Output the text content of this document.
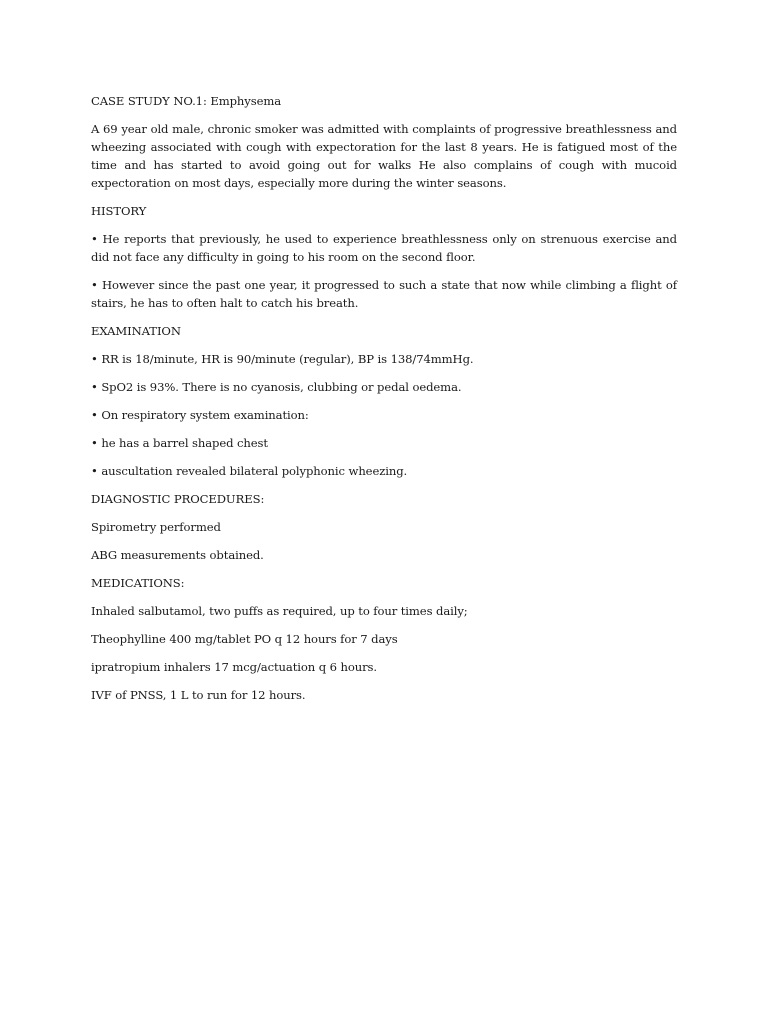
CASE STUDY NO.1: Emphysema

A 69 year old male, chronic smoker was admitted with complaints of progressive breathlessness and wheezing associated with cough with expectoration for the last 8 years. He is fatigued most of the time and has started to avoid going out for walks He also complains of cough with mucoid expectoration on most days, especially more during the winter seasons.

HISTORY

• He reports that previously, he used to experience breathlessness only on strenuous exercise and did not face any difficulty in going to his room on the second floor.

• However since the past one year, it progressed to such a state that now while climbing a flight of stairs, he has to often halt to catch his breath.

EXAMINATION

• RR is 18/minute, HR is 90/minute (regular), BP is 138/74mmHg.

• SpO2 is 93%. There is no cyanosis, clubbing or pedal oedema.

• On respiratory system examination:

• he has a barrel shaped chest

• auscultation revealed bilateral polyphonic wheezing.

DIAGNOSTIC PROCEDURES:

Spirometry performed

ABG measurements obtained.

MEDICATIONS:

Inhaled salbutamol, two puffs as required, up to four times daily;

Theophylline 400 mg/tablet PO q 12 hours for 7 days

ipratropium inhalers 17 mcg/actuation q 6 hours.

IVF of PNSS, 1 L to run for 12 hours.
